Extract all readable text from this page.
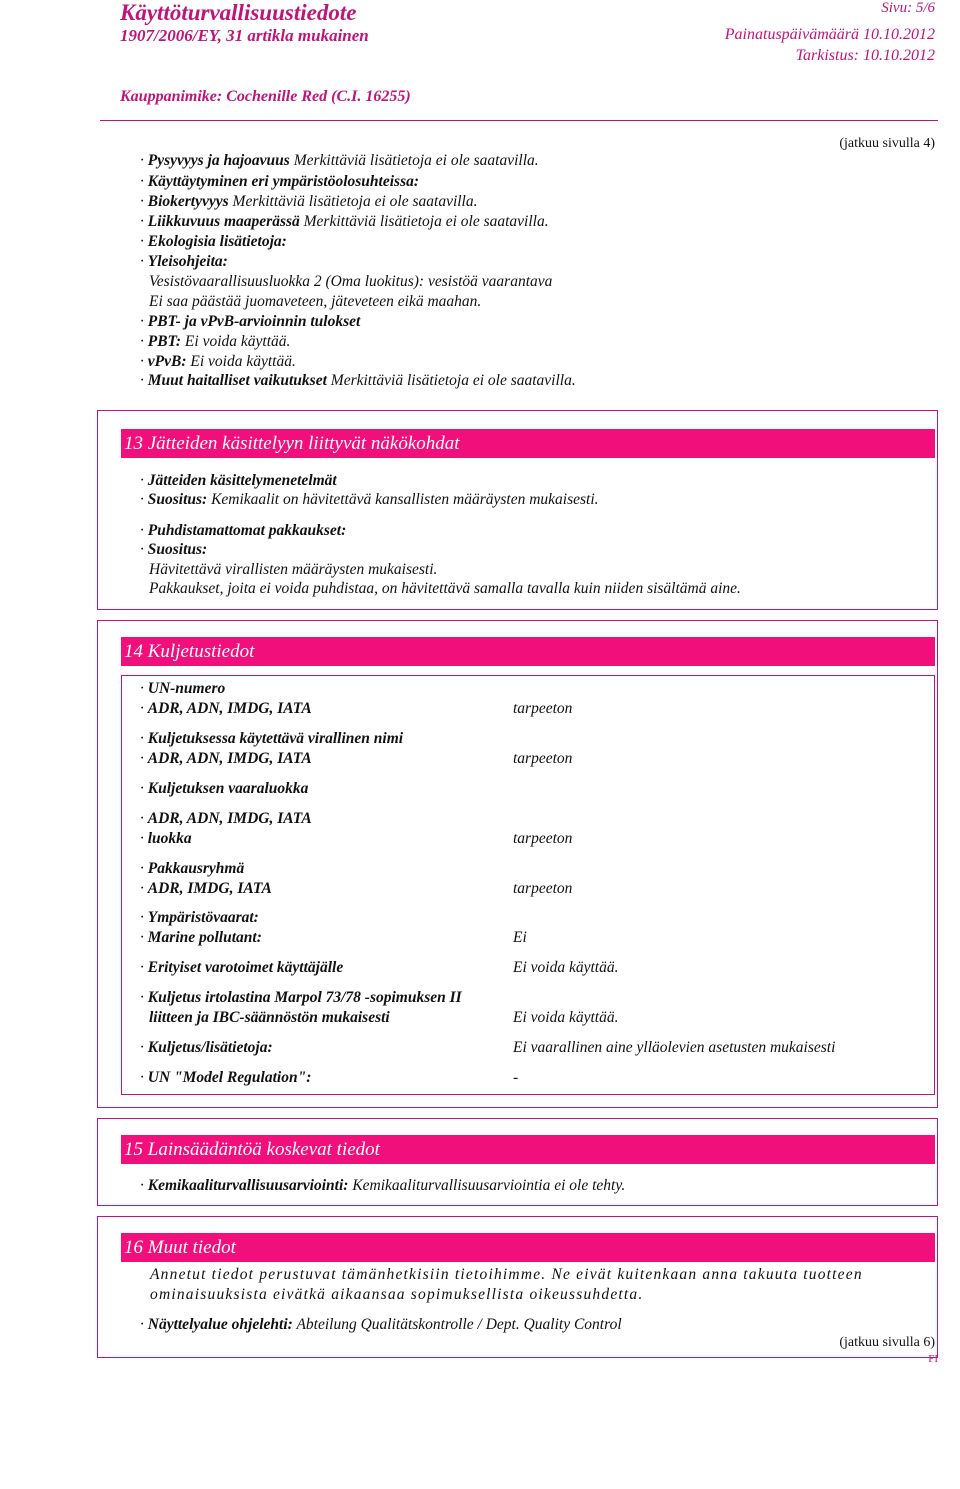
Käyttöturvallisuustiedote
1907/2006/EY, 31 artikla mukainen
Sivu: 5/6
Painatuspäivämäärä 10.10.2012
Tarkistus: 10.10.2012
Kauppanimike: Cochenille Red (C.I. 16255)
(jatkuu sivulla 4)
· Pysyvyys ja hajoavuus Merkittäviä lisätietoja ei ole saatavilla.
· Käyttäytyminen eri ympäristöolosuhteissa:
· Biokertyvyys Merkittäviä lisätietoja ei ole saatavilla.
· Liikkuvuus maaperässä Merkittäviä lisätietoja ei ole saatavilla.
· Ekologisia lisätietoja:
· Yleisohjeita:
Vesistövaarallisuusluokka 2 (Oma luokitus): vesistöä vaarantava
Ei saa päästää juomaveteen, jäteveteen eikä maahan.
· PBT- ja vPvB-arvioinnin tulokset
· PBT: Ei voida käyttää.
· vPvB: Ei voida käyttää.
· Muut haitalliset vaikutukset Merkittäviä lisätietoja ei ole saatavilla.
13 Jätteiden käsittelyyn liittyvät näkökohdat
· Jätteiden käsittelymenetelmät
· Suositus: Kemikaalit on hävitettävä kansallisten määräysten mukaisesti.
· Puhdistamattomat pakkaukset:
· Suositus:
Hävitettävä virallisten määräysten mukaisesti.
Pakkaukset, joita ei voida puhdistaa, on hävitettävä samalla tavalla kuin niiden sisältämä aine.
14 Kuljetustiedot
· UN-numero
· ADR, ADN, IMDG, IATA	tarpeeton
· Kuljetuksessa käytettävä virallinen nimi
· ADR, ADN, IMDG, IATA	tarpeeton
· Kuljetuksen vaaraluokka
· ADR, ADN, IMDG, IATA
· luokka	tarpeeton
· Pakkausryhmä
· ADR, IMDG, IATA	tarpeeton
· Ympäristövaarat:
· Marine pollutant:	Ei
· Erityiset varotoimet käyttäjälle	Ei voida käyttää.
· Kuljetus irtolastina Marpol 73/78 -sopimuksen II
liitteen ja IBC-säännöstön mukaisesti	Ei voida käyttää.
· Kuljetus/lisätietoja:	Ei vaarallinen aine ylläolevien asetusten mukaisesti
· UN "Model Regulation":	-
15 Lainsäädäntöä koskevat tiedot
· Kemikaaliturvallisuusarviointi: Kemikaaliturvallisuusarviointia ei ole tehty.
16 Muut tiedot
Annetut tiedot perustuvat tämänhetkisiin tietoihimme. Ne eivät kuitenkaan anna takuuta tuotteen
ominaisuuksista eivätkä aikaansaa sopimuksellista oikeussuhdetta.
· Näyttelyalue ohjelehti: Abteilung Qualitätskontrolle / Dept. Quality Control
(jatkuu sivulla 6)
FI
